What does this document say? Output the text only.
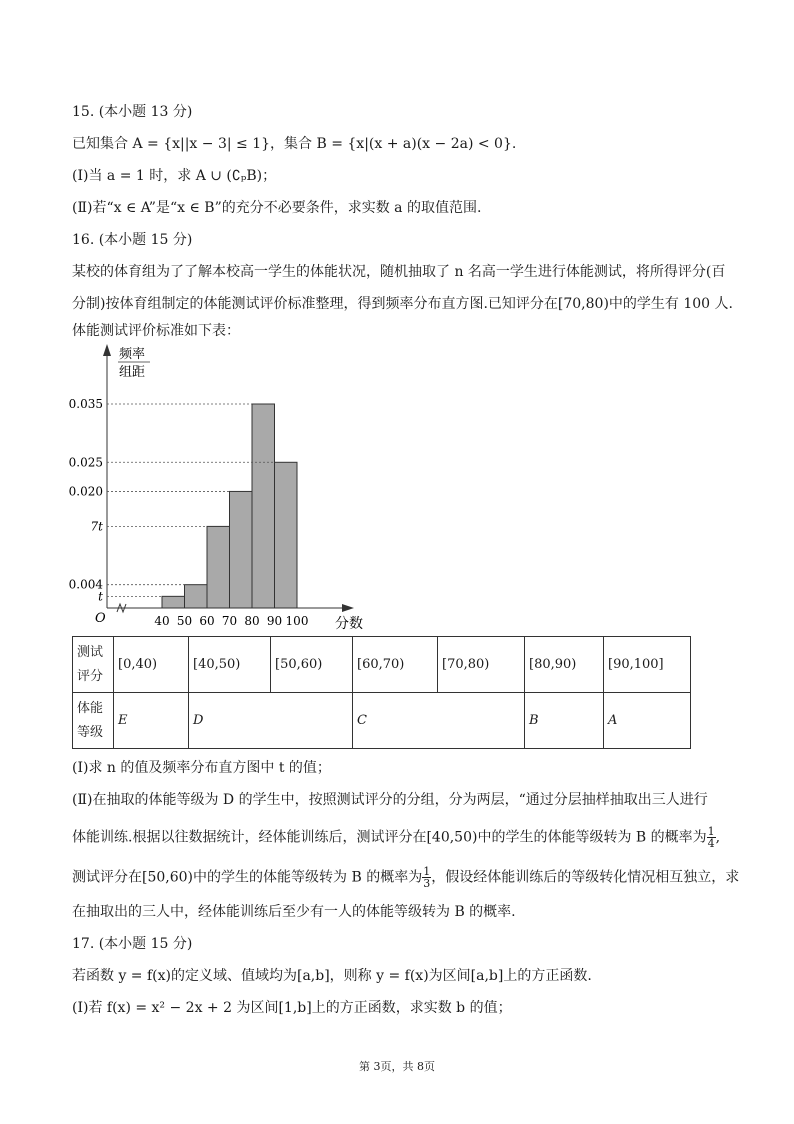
15. (本小题 13 分)
已知集合 A = {x||x − 3| ≤ 1}，集合 B = {x|(x + a)(x − 2a) < 0}.
(Ⅰ)当 a = 1 时，求 A ∪ (∁ₚB)；
(Ⅱ)若“x ∈ A”是“x ∈ B”的充分不必要条件，求实数 a 的取值范围.
16. (本小题 15 分)
某校的体育组为了了解本校高一学生的体能状况，随机抽取了 n 名高一学生进行体能测试，将所得评分(百
分制)按体育组制定的体能测试评价标准整理，得到频率分布直方图.已知评分在[70,80)中的学生有 100 人.
体能测试评价标准如下表：
O
频率
组距
分数
t
0.004
7t
0.020
0.025
0.035
40 50 60 70 80 90 100
测试
评分	[0,40)	[40,50)	[50,60)	[60,70)	[70,80)	[80,90)	[90,100]
体能
等级	E	D		C		B	A
(Ⅰ)求 n 的值及频率分布直方图中 t 的值；
(Ⅱ)在抽取的体能等级为 D 的学生中，按照测试评分的分组，分为两层，“通过分层抽样抽取出三人进行
体能训练.根据以往数据统计，经体能训练后，测试评分在[40,50)中的学生的体能等级转为 B 的概率为 $\frac{1}{4}$ ,
测试评分在[50,60)中的学生的体能等级转为 B 的概率为 $\frac{1}{3}$ ，假设经体能训练后的等级转化情况相互独立，求
在抽取出的三人中，经体能训练后至少有一人的体能等级转为 B 的概率.
17. (本小题 15 分)
若函数 y = f(x)的定义域、值域均为[a,b]，则称 y = f(x)为区间[a,b]上的方正函数.
(Ⅰ)若 f(x) = x² − 2x + 2 为区间[1,b]上的方正函数，求实数 b 的值；
第 3页，共 8页
